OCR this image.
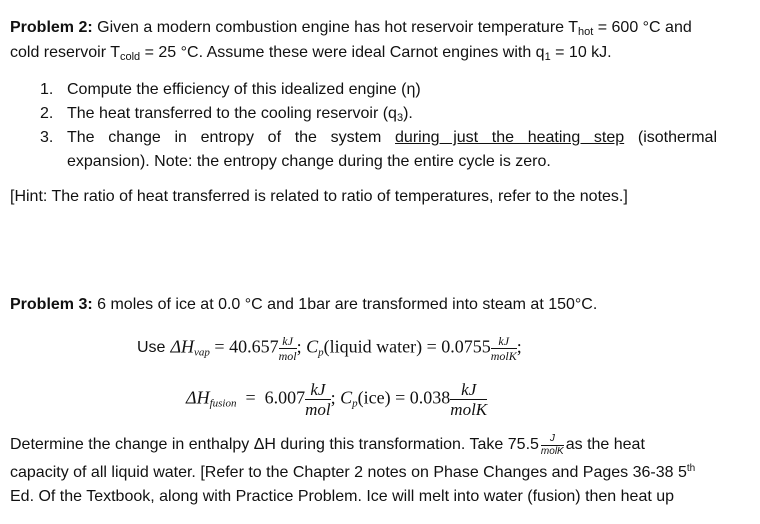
Problem 2: Given a modern combustion engine has hot reservoir temperature $T_{hot} = 600$ °C and
cold reservoir $T_{cold} = 25$ °C. Assume these were ideal Carnot engines with $q_1 = 10$ kJ.
1. Compute the efficiency of this idealized engine (η)
2. The heat transferred to the cooling reservoir $(q_3)$.
3. The change in entropy of the system during just the heating step (isothermal
expansion). Note: the entropy change during the entire cycle is zero.
[Hint: The ratio of heat transferred is related to ratio of temperatures, refer to the notes.]
Problem 3: 6 moles of ice at 0.0 °C and 1bar are transformed into steam at 150°C.
Use $\Delta H_{vap} = 40.657 \frac{kJ}{\text{mol}}$ ; $C_p(liquid$ water) = $0.0755 \frac{kJ}{\text{molK}}$ ;
$\Delta H_{fusion} = 6.007 \frac{kJ}{\text{mol}}$ ; $C_p(ice) = 0.038 \frac{kJ}{\text{molK}}$
Determine the change in enthalpy ΔH during this transformation. Take $75.5 \frac{J}{\text{molK}}$ as the heat
capacity of all liquid water. [Refer to the Chapter 2 notes on Phase Changes and Pages 36-38 5th
Ed. Of the Textbook, along with Practice Problem. Ice will melt into water (fusion) then heat up
